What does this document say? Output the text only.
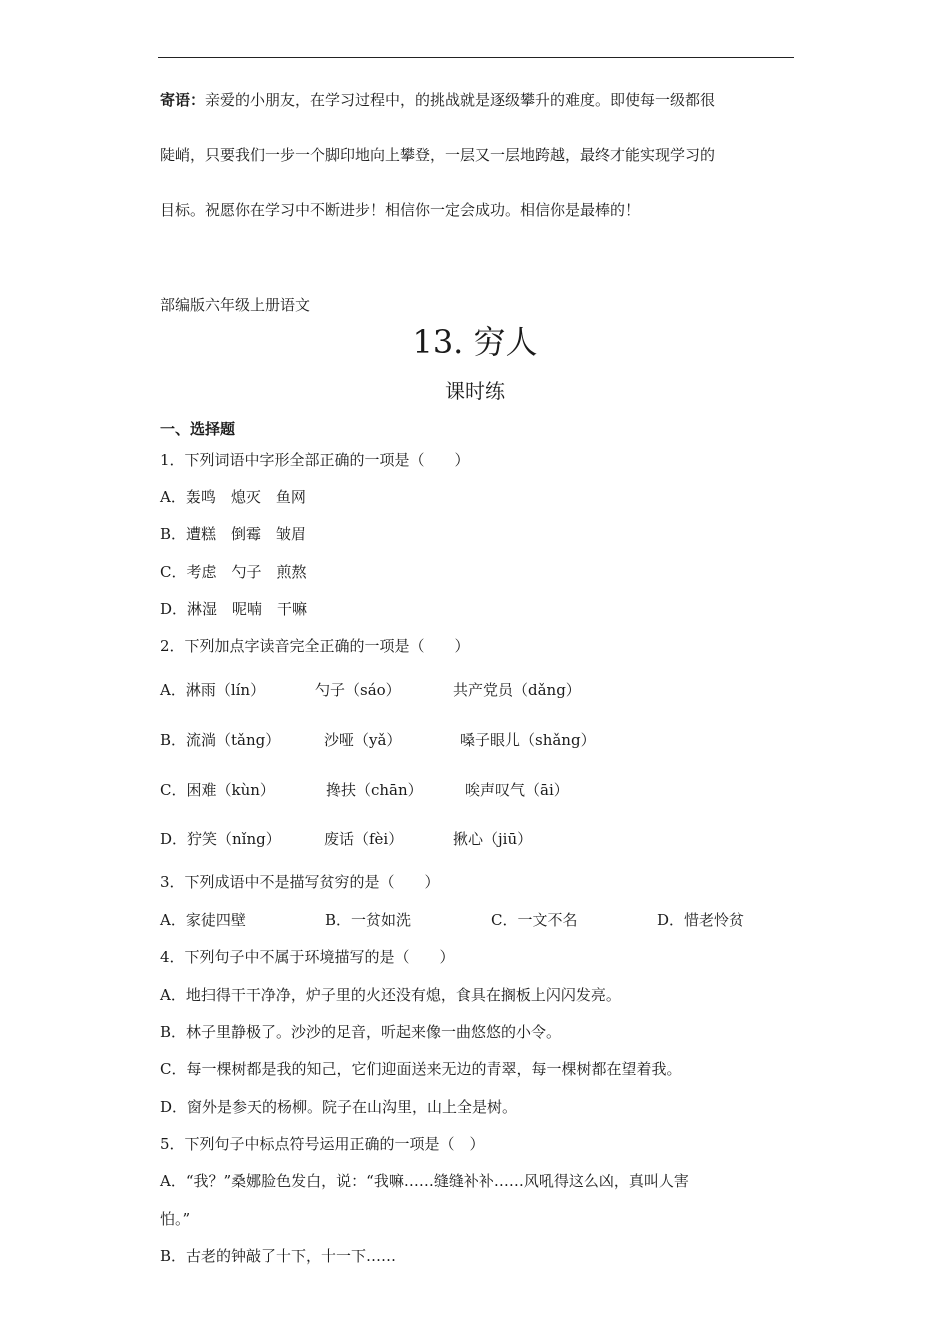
寄语：亲爱的小朋友，在学习过程中，的挑战就是逐级攀升的难度。即使每一级都很
陡峭，只要我们一步一个脚印地向上攀登，一层又一层地跨越，最终才能实现学习的
目标。祝愿你在学习中不断进步！相信你一定会成功。相信你是最棒的！
部编版六年级上册语文
13. 穷人
课时练
一、选择题
1．下列词语中字形全部正确的一项是（　　）
A．轰鸣　熄灭　鱼网
B．遭糕　倒霉　皱眉
C．考虑　勺子　煎熬
D．淋湿　呢喃　干嘛
2．下列加点字读音完全正确的一项是（　　）
A．淋雨（lín）	勺子（sáo）	共产党员（dǎng）
B．流淌（tǎng）	沙哑（yǎ）	嗓子眼儿（shǎng）
C．困难（kùn）	搀扶（chān）	唉声叹气（āi）
D．狞笑（nǐng）	废话（fèi）	揪心（jiū）
3．下列成语中不是描写贫穷的是（　　）
A．家徒四壁	B．一贫如洗	C．一文不名	D．惜老怜贫
4．下列句子中不属于环境描写的是（　　）
A．地扫得干干净净，炉子里的火还没有熄，食具在搁板上闪闪发亮。
B．林子里静极了。沙沙的足音，听起来像一曲悠悠的小令。
C．每一棵树都是我的知己，它们迎面送来无边的青翠，每一棵树都在望着我。
D．窗外是参天的杨柳。院子在山沟里，山上全是树。
5．下列句子中标点符号运用正确的一项是（　）
A．“我？”桑娜脸色发白，说：“我嘛……缝缝补补……风吼得这么凶，真叫人害
怕。”
B．古老的钟敲了十下，十一下……
